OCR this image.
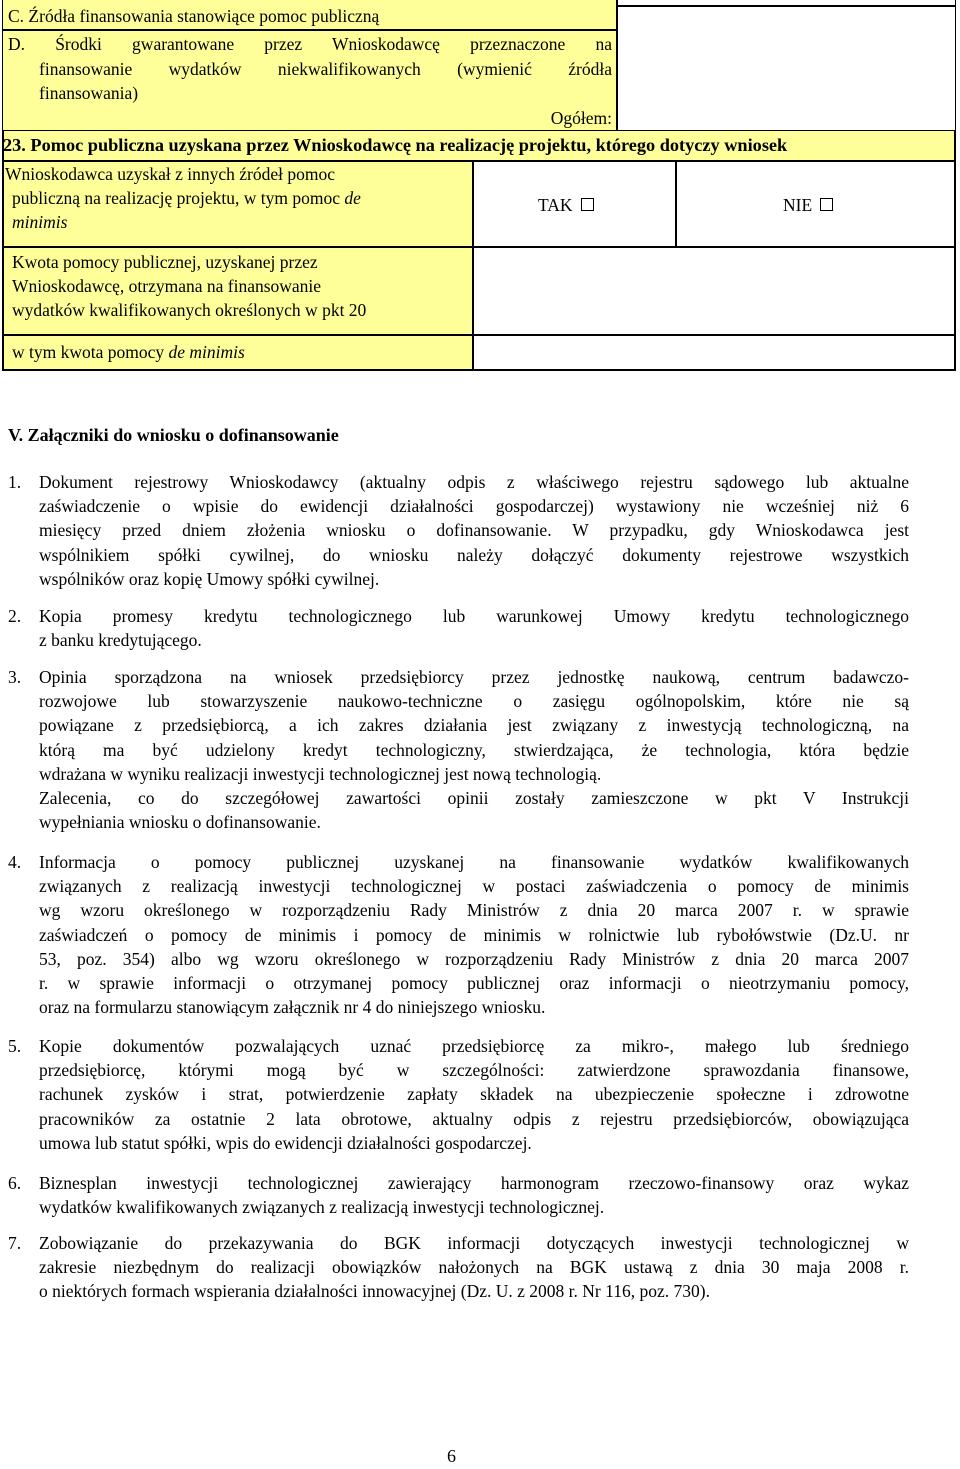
C. Źródła finansowania stanowiące pomoc publiczną
D.  Środki  gwarantowane  przez  Wnioskodawcę  przeznaczone  na
finansowanie  wydatków  niekwalifikowanych  (wymienić  źródła
finansowania)
Ogółem:
23. Pomoc publiczna uzyskana przez Wnioskodawcę na realizację projektu, którego dotyczy wniosek
Wnioskodawca uzyskał z innych źródeł pomoc
publiczną na realizację projektu, w tym pomoc de
minimis
TAK	NIE
Kwota pomocy publicznej, uzyskanej przez
Wnioskodawcę, otrzymana na finansowanie
wydatków kwalifikowanych określonych w pkt 20
w tym kwota pomocy de minimis
V. Załączniki do wniosku o dofinansowanie
1. Dokument rejestrowy Wnioskodawcy (aktualny odpis z właściwego rejestru sądowego lub aktualne
zaświadczenie o wpisie do ewidencji działalności gospodarczej) wystawiony nie wcześniej niż 6
miesięcy przed dniem złożenia wniosku o dofinansowanie. W przypadku, gdy Wnioskodawca jest
wspólnikiem spółki cywilnej, do wniosku należy dołączyć dokumenty rejestrowe wszystkich
wspólników oraz kopię Umowy spółki cywilnej.
2. Kopia promesy kredytu technologicznego lub warunkowej Umowy kredytu technologicznego
z banku kredytującego.
3. Opinia sporządzona na wniosek przedsiębiorcy przez jednostkę naukową, centrum badawczo-
rozwojowe lub stowarzyszenie naukowo-techniczne o zasięgu ogólnopolskim, które nie są
powiązane z przedsiębiorcą, a ich zakres działania jest związany z inwestycją technologiczną, na
którą ma być udzielony kredyt technologiczny, stwierdzająca, że technologia, która będzie
wdrażana w wyniku realizacji inwestycji technologicznej jest nową technologią.
Zalecenia, co do szczegółowej zawartości opinii zostały zamieszczone w pkt V Instrukcji
wypełniania wniosku o dofinansowanie.
4. Informacja o pomocy publicznej uzyskanej na finansowanie wydatków kwalifikowanych
związanych z realizacją inwestycji technologicznej w postaci zaświadczenia o pomocy de minimis
wg wzoru określonego w rozporządzeniu Rady Ministrów z dnia 20 marca 2007 r. w sprawie
zaświadczeń o pomocy de minimis i pomocy de minimis w rolnictwie lub rybołówstwie (Dz.U. nr
53, poz. 354) albo wg wzoru określonego w rozporządzeniu Rady Ministrów z dnia 20 marca 2007
r. w sprawie informacji o otrzymanej pomocy publicznej oraz informacji o nieotrzymaniu pomocy,
oraz na formularzu stanowiącym załącznik nr 4 do niniejszego wniosku.
5. Kopie dokumentów pozwalających uznać przedsiębiorcę za mikro-, małego lub średniego
przedsiębiorcę, którymi mogą być w szczególności: zatwierdzone sprawozdania finansowe,
rachunek zysków i strat, potwierdzenie zapłaty składek na ubezpieczenie społeczne i zdrowotne
pracowników za ostatnie 2 lata obrotowe, aktualny odpis z rejestru przedsiębiorców, obowiązująca
umowa lub statut spółki, wpis do ewidencji działalności gospodarczej.
6. Biznesplan inwestycji technologicznej zawierający harmonogram rzeczowo-finansowy oraz wykaz
wydatków kwalifikowanych związanych z realizacją inwestycji technologicznej.
7. Zobowiązanie do przekazywania do BGK informacji dotyczących inwestycji technologicznej w
zakresie niezbędnym do realizacji obowiązków nałożonych na BGK ustawą z dnia 30 maja 2008 r.
o niektórych formach wspierania działalności innowacyjnej (Dz. U. z 2008 r. Nr 116, poz. 730).
6
